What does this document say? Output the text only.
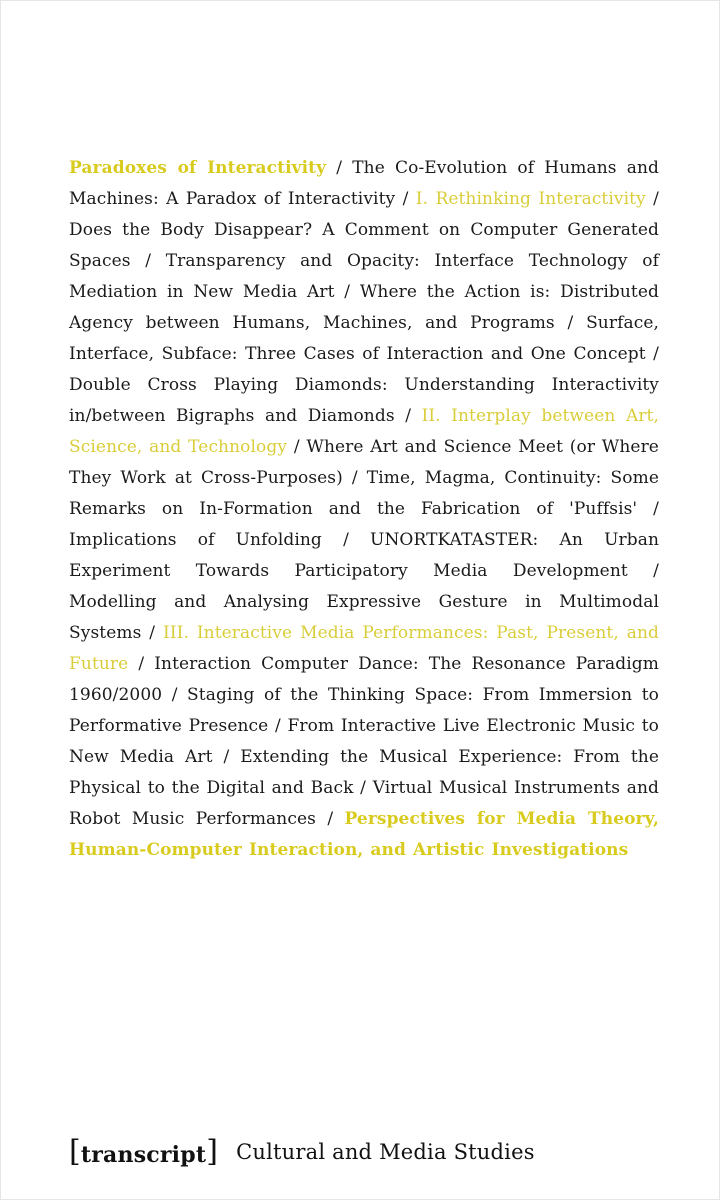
Paradoxes of Interactivity / The Co-Evolution of Humans and Machines: A Paradox of Interactivity / I. Rethinking Interactivity / Does the Body Disappear? A Comment on Computer Generated Spaces / Transparency and Opacity: Interface Technology of Mediation in New Media Art / Where the Action is: Distributed Agency between Humans, Machines, and Programs / Surface, Interface, Subface: Three Cases of Interaction and One Concept / Double Cross Playing Diamonds: Understanding Interactivity in/between Bigraphs and Diamonds / II. Interplay between Art, Science, and Technology / Where Art and Science Meet (or Where They Work at Cross-Purposes) / Time, Magma, Continuity: Some Remarks on In-Formation and the Fabrication of 'Puffsis' / Implications of Unfolding / UNORTKATASTER: An Urban Experiment Towards Participatory Media Development / Modelling and Analysing Expressive Gesture in Multimodal Systems / III. Interactive Media Performances: Past, Present, and Future / Interaction Computer Dance: The Resonance Paradigm 1960/2000 / Staging of the Thinking Space: From Immersion to Performative Presence / From Interactive Live Electronic Music to New Media Art / Extending the Musical Experience: From the Physical to the Digital and Back / Virtual Musical Instruments and Robot Music Performances / Perspectives for Media Theory, Human-Computer Interaction, and Artistic Investigations
[transcript] Cultural and Media Studies
